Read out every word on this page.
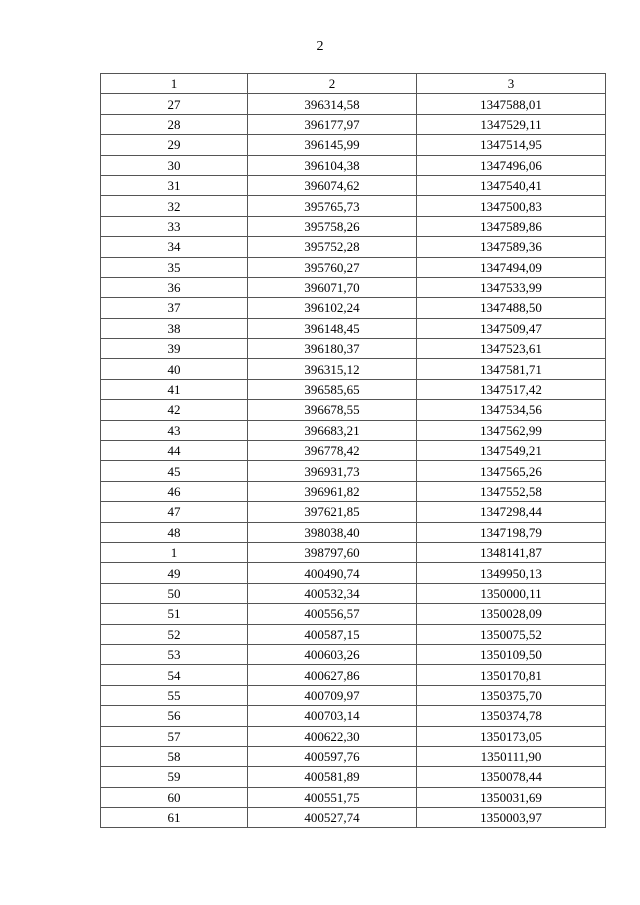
2
1	2	3
27	396314,58	1347588,01
28	396177,97	1347529,11
29	396145,99	1347514,95
30	396104,38	1347496,06
31	396074,62	1347540,41
32	395765,73	1347500,83
33	395758,26	1347589,86
34	395752,28	1347589,36
35	395760,27	1347494,09
36	396071,70	1347533,99
37	396102,24	1347488,50
38	396148,45	1347509,47
39	396180,37	1347523,61
40	396315,12	1347581,71
41	396585,65	1347517,42
42	396678,55	1347534,56
43	396683,21	1347562,99
44	396778,42	1347549,21
45	396931,73	1347565,26
46	396961,82	1347552,58
47	397621,85	1347298,44
48	398038,40	1347198,79
1	398797,60	1348141,87
49	400490,74	1349950,13
50	400532,34	1350000,11
51	400556,57	1350028,09
52	400587,15	1350075,52
53	400603,26	1350109,50
54	400627,86	1350170,81
55	400709,97	1350375,70
56	400703,14	1350374,78
57	400622,30	1350173,05
58	400597,76	1350111,90
59	400581,89	1350078,44
60	400551,75	1350031,69
61	400527,74	1350003,97
